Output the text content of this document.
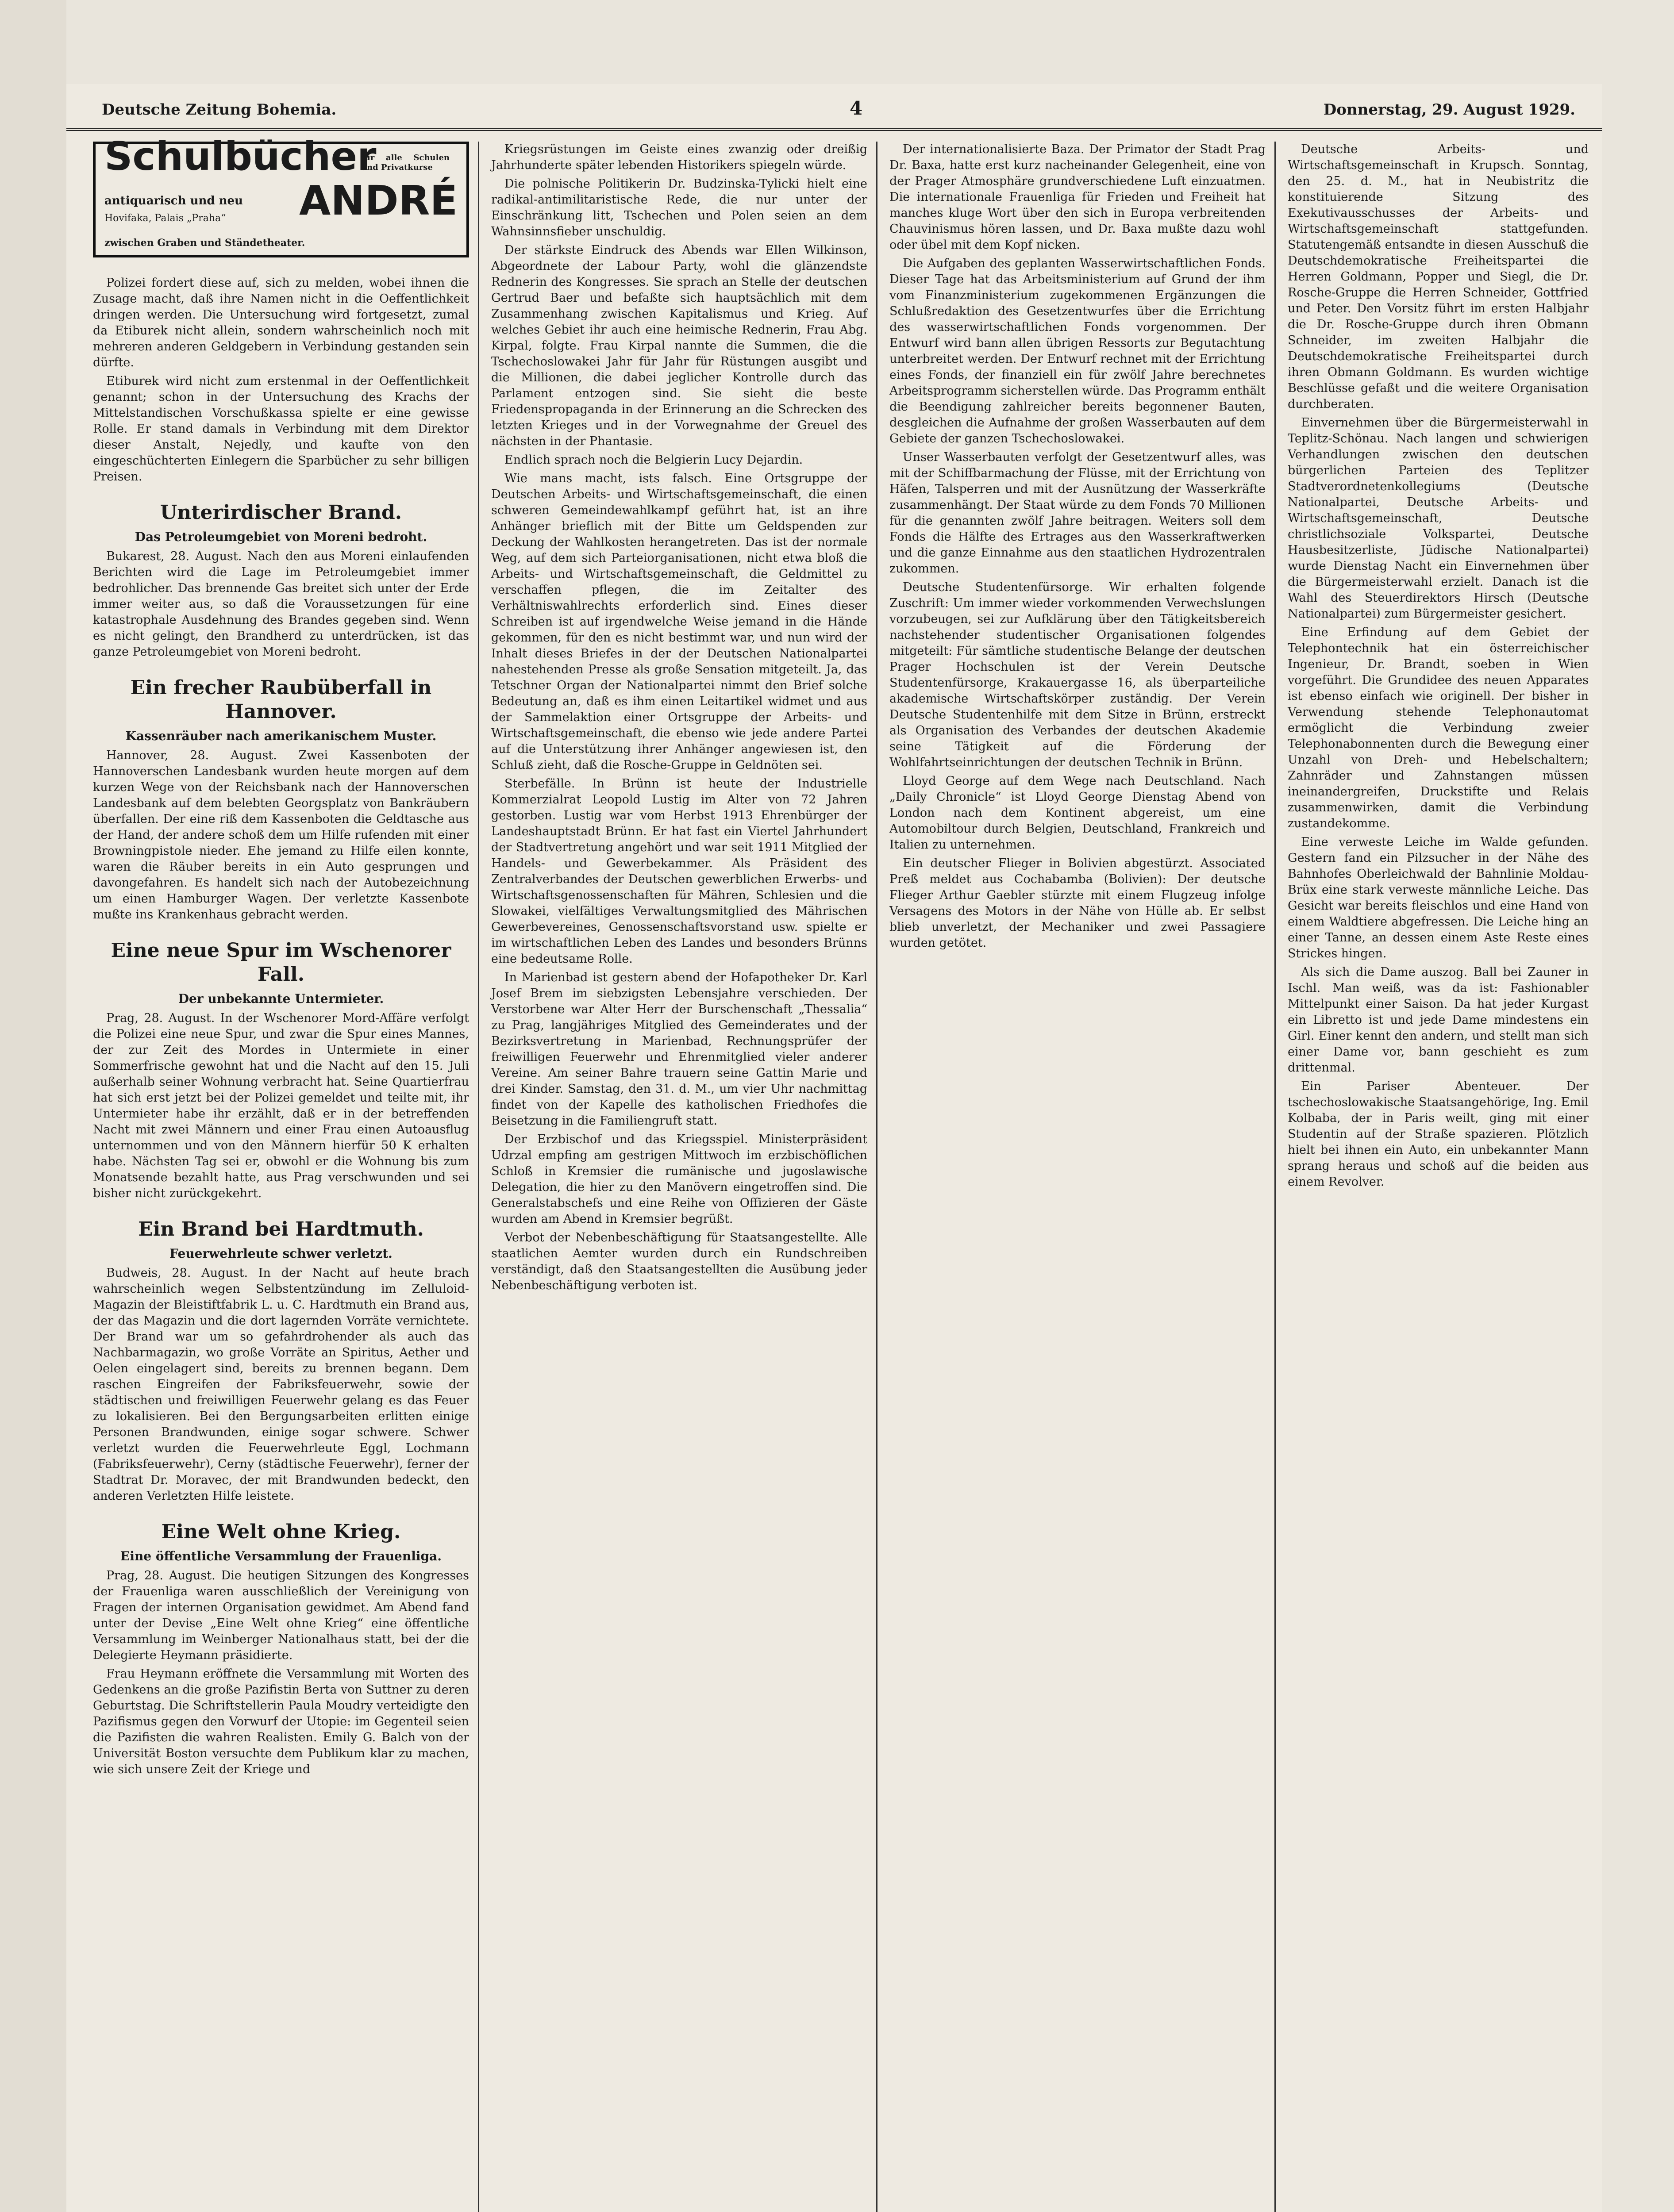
Deutsche Zeitung Bohemia.	4	Donnerstag, 29. August 1929.
Schulbücher
für alle Schulen und Privatkurse
antiquarisch und neu
Hovifaka, Palais „Praha“ ANDRÉ
zwischen Graben und Ständetheater.

Polizei fordert diese auf, sich zu melden, wobei ihnen die Zusage macht, daß ihre Namen nicht in die Oeffentlichkeit dringen werden. Die Untersuchung wird fortgesetzt, zumal da Etiburek nicht allein, sondern wahrscheinlich noch mit mehreren anderen Geldgebern in Verbindung gestanden sein dürfte.

Etiburek wird nicht zum erstenmal in der Oeffentlichkeit genannt; schon in der Untersuchung des Krachs der Mittelstandischen Vorschußkassa spielte er eine gewisse Rolle. Er stand damals in Verbindung mit dem Direktor dieser Anstalt, Nejedly, und kaufte von den eingeschüchterten Einlegern die Sparbücher zu sehr billigen Preisen.

Unterirdischer Brand.
Das Petroleumgebiet von Moreni bedroht.

Bukarest, 28. August. Nach den aus Moreni einlaufenden Berichten wird die Lage im Petroleumgebiet immer bedrohlicher. Das brennende Gas breitet sich unter der Erde immer weiter aus, so daß die Voraussetzungen für eine katastrophale Ausdehnung des Brandes gegeben sind. Wenn es nicht gelingt, den Brandherd zu unterdrücken, ist das ganze Petroleumgebiet von Moreni bedroht.

Ein frecher Raubüberfall in Hannover.
Kassenräuber nach amerikanischem Muster.

Hannover, 28. August. Zwei Kassenboten der Hannoverschen Landesbank wurden heute morgen auf dem kurzen Wege von der Reichsbank nach der Hannoverschen Landesbank auf dem belebten Georgsplatz von Bankräubern überfallen. Der eine riß dem Kassenboten die Geldtasche aus der Hand, der andere schoß dem um Hilfe rufenden mit einer Browningpistole nieder. Ehe jemand zu Hilfe eilen konnte, waren die Räuber bereits in ein Auto gesprungen und davongefahren. Es handelt sich nach der Autobezeichnung um einen Hamburger Wagen. Der verletzte Kassenbote mußte ins Krankenhaus gebracht werden.

Eine neue Spur im Wschenorer Fall.
Der unbekannte Untermieter.

Prag, 28. August. In der Wschenorer Mord-Affäre verfolgt die Polizei eine neue Spur, und zwar die Spur eines Mannes, der zur Zeit des Mordes in Untermiete in einer Sommerfrische gewohnt hat und die Nacht auf den 15. Juli außerhalb seiner Wohnung verbracht hat. Seine Quartierfrau hat sich erst jetzt bei der Polizei gemeldet und teilte mit, ihr Untermieter habe ihr erzählt, daß er in der betreffenden Nacht mit zwei Männern und einer Frau einen Autoausflug unternommen und von den Männern hierfür 50 K erhalten habe. Nächsten Tag sei er, obwohl er die Wohnung bis zum Monatsende bezahlt hatte, aus Prag verschwunden und sei bisher nicht zurückgekehrt.

Ein Brand bei Hardtmuth.
Feuerwehrleute schwer verletzt.

Budweis, 28. August. In der Nacht auf heute brach wahrscheinlich wegen Selbstentzündung im Zelluloid-Magazin der Bleistiftfabrik L. u. C. Hardtmuth ein Brand aus, der das Magazin und die dort lagernden Vorräte vernichtete. Der Brand war um so gefahrdrohender als auch das Nachbarmagazin, wo große Vorräte an Spiritus, Aether und Oelen eingelagert sind, bereits zu brennen begann. Dem raschen Eingreifen der Fabriksfeuerwehr, sowie der städtischen und freiwilligen Feuerwehr gelang es das Feuer zu lokalisieren. Bei den Bergungsarbeiten erlitten einige Personen Brandwunden, einige sogar schwere. Schwer verletzt wurden die Feuerwehrleute Eggl, Lochmann (Fabriksfeuerwehr), Cerny (städtische Feuerwehr), ferner der Stadtrat Dr. Moravec, der mit Brandwunden bedeckt, den anderen Verletzten Hilfe leistete.

Eine Welt ohne Krieg.
Eine öffentliche Versammlung der Frauenliga.

Prag, 28. August. Die heutigen Sitzungen des Kongresses der Frauenliga waren ausschließlich der Vereinigung von Fragen der internen Organisation gewidmet. Am Abend fand unter der Devise „Eine Welt ohne Krieg“ eine öffentliche Versammlung im Weinberger Nationalhaus statt, bei der die Delegierte Heymann präsidierte.

Frau Heymann eröffnete die Versammlung mit Worten des Gedenkens an die große Pazifistin Berta von Suttner zu deren Geburtstag. Die Schriftstellerin Paula Moudry verteidigte den Pazifismus gegen den Vorwurf der Utopie: im Gegenteil seien die Pazifisten die wahren Realisten. Emily G. Balch von der Universität Boston versuchte dem Publikum klar zu machen, wie sich unsere Zeit der Kriege und

Kriegsrüstungen im Geiste eines zwanzig oder dreißig Jahrhunderte später lebenden Historikers spiegeln würde.

Die polnische Politikerin Dr. Budzinska-Tylicki hielt eine radikal-antimilitaristische Rede, die nur unter der Einschränkung litt, Tschechen und Polen seien an dem Wahnsinnsfieber unschuldig.

Der stärkste Eindruck des Abends war Ellen Wilkinson, Abgeordnete der Labour Party, wohl die glänzendste Rednerin des Kongresses. Sie sprach an Stelle der deutschen Gertrud Baer und befaßte sich hauptsächlich mit dem Zusammenhang zwischen Kapitalismus und Krieg. Auf welches Gebiet ihr auch eine heimische Rednerin, Frau Abg. Kirpal, folgte. Frau Kirpal nannte die Summen, die die Tschechoslowakei Jahr für Jahr für Rüstungen ausgibt und die Millionen, die dabei jeglicher Kontrolle durch das Parlament entzogen sind. Sie sieht die beste Friedenspropaganda in der Erinnerung an die Schrecken des letzten Krieges und in der Vorwegnahme der Greuel des nächsten in der Phantasie.

Endlich sprach noch die Belgierin Lucy Dejardin.

Wie mans macht, ists falsch. Eine Ortsgruppe der Deutschen Arbeits- und Wirtschaftsgemeinschaft, die einen schweren Gemeindewahlkampf geführt hat, ist an ihre Anhänger brieflich mit der Bitte um Geldspenden zur Deckung der Wahlkosten herangetreten. Das ist der normale Weg, auf dem sich Parteiorganisationen, nicht etwa bloß die Arbeits- und Wirtschaftsgemeinschaft, die Geldmittel zu verschaffen pflegen, die im Zeitalter des Verhältniswahlrechts erforderlich sind. Eines dieser Schreiben ist auf irgendwelche Weise jemand in die Hände gekommen, für den es nicht bestimmt war, und nun wird der Inhalt dieses Briefes in der der Deutschen Nationalpartei nahestehenden Presse als große Sensation mitgeteilt. Ja, das Tetschner Organ der Nationalpartei nimmt den Brief solche Bedeutung an, daß es ihm einen Leitartikel widmet und aus der Sammelaktion einer Ortsgruppe der Arbeits- und Wirtschaftsgemeinschaft, die ebenso wie jede andere Partei auf die Unterstützung ihrer Anhänger angewiesen ist, den Schluß zieht, daß die Rosche-Gruppe in Geldnöten sei.

Sterbefälle. In Brünn ist heute der Industrielle Kommerzialrat Leopold Lustig im Alter von 72 Jahren gestorben. Lustig war vom Herbst 1913 Ehrenbürger der Landeshauptstadt Brünn. Er hat fast ein Viertel Jahrhundert der Stadtvertretung angehört und war seit 1911 Mitglied der Handels- und Gewerbekammer. Als Präsident des Zentralverbandes der Deutschen gewerblichen Erwerbs- und Wirtschaftsgenossenschaften für Mähren, Schlesien und die Slowakei, vielfältiges Verwaltungsmitglied des Mährischen Gewerbevereines, Genossenschaftsvorstand usw. spielte er im wirtschaftlichen Leben des Landes und besonders Brünns eine bedeutsame Rolle.

In Marienbad ist gestern abend der Hofapotheker Dr. Karl Josef Brem im siebzigsten Lebensjahre verschieden. Der Verstorbene war Alter Herr der Burschenschaft „Thessalia“ zu Prag, langjähriges Mitglied des Gemeinderates und der Bezirksvertretung in Marienbad, Rechnungsprüfer der freiwilligen Feuerwehr und Ehrenmitglied vieler anderer Vereine. Am seiner Bahre trauern seine Gattin Marie und drei Kinder. Samstag, den 31. d. M., um vier Uhr nachmittag findet von der Kapelle des katholischen Friedhofes die Beisetzung in die Familiengruft statt.

Der Erzbischof und das Kriegsspiel. Ministerpräsident Udrzal empfing am gestrigen Mittwoch im erzbischöflichen Schloß in Kremsier die rumänische und jugoslawische Delegation, die hier zu den Manövern eingetroffen sind. Die Generalstabschefs und eine Reihe von Offizieren der Gäste wurden am Abend in Kremsier begrüßt.

Verbot der Nebenbeschäftigung für Staatsangestellte. Alle staatlichen Aemter wurden durch ein Rundschreiben verständigt, daß den Staatsangestellten die Ausübung jeder Nebenbeschäftigung verboten ist.

Der internationalisierte Baza. Der Primator der Stadt Prag Dr. Baxa, hatte erst kurz nacheinander Gelegenheit, eine von der Prager Atmosphäre grundverschiedene Luft einzuatmen. Die internationale Frauenliga für Frieden und Freiheit hat manches kluge Wort über den sich in Europa verbreitenden Chauvinismus hören lassen, und Dr. Baxa mußte dazu wohl oder übel mit dem Kopf nicken.

Die Aufgaben des geplanten Wasserwirtschaftlichen Fonds. Dieser Tage hat das Arbeitsministerium auf Grund der ihm vom Finanzministerium zugekommenen Ergänzungen die Schlußredaktion des Gesetzentwurfes über die Errichtung des wasserwirtschaftlichen Fonds vorgenommen. Der Entwurf wird bann allen übrigen Ressorts zur Begutachtung unterbreitet werden. Der Entwurf rechnet mit der Errichtung eines Fonds, der finanziell ein für zwölf Jahre berechnetes Arbeitsprogramm sicherstellen würde. Das Programm enthält die Beendigung zahlreicher bereits begonnener Bauten, desgleichen die Aufnahme der großen Wasserbauten auf dem Gebiete der ganzen Tschechoslowakei.

Unser Wasserbauten verfolgt der Gesetzentwurf alles, was mit der Schiffbarmachung der Flüsse, mit der Errichtung von Häfen, Talsperren und mit der Ausnützung der Wasserkräfte zusammenhängt. Der Staat würde zu dem Fonds 70 Millionen für die genannten zwölf Jahre beitragen. Weiters soll dem Fonds die Hälfte des Ertrages aus den Wasserkraftwerken und die ganze Einnahme aus den staatlichen Hydrozentralen zukommen.

Deutsche Studentenfürsorge. Wir erhalten folgende Zuschrift: Um immer wieder vorkommenden Verwechslungen vorzubeugen, sei zur Aufklärung über den Tätigkeitsbereich nachstehender studentischer Organisationen folgendes mitgeteilt: Für sämtliche studentische Belange der deutschen Prager Hochschulen ist der Verein Deutsche Studentenfürsorge, Krakauergasse 16, als überparteiliche akademische Wirtschaftskörper zuständig. Der Verein Deutsche Studentenhilfe mit dem Sitze in Brünn, erstreckt als Organisation des Verbandes der deutschen Akademie seine Tätigkeit auf die Förderung der Wohlfahrtseinrichtungen der deutschen Technik in Brünn.

Lloyd George auf dem Wege nach Deutschland. Nach „Daily Chronicle“ ist Lloyd George Dienstag Abend von London nach dem Kontinent abgereist, um eine Automobiltour durch Belgien, Deutschland, Frankreich und Italien zu unternehmen.

Ein deutscher Flieger in Bolivien abgestürzt. Associated Preß meldet aus Cochabamba (Bolivien): Der deutsche Flieger Arthur Gaebler stürzte mit einem Flugzeug infolge Versagens des Motors in der Nähe von Hülle ab. Er selbst blieb unverletzt, der Mechaniker und zwei Passagiere wurden getötet.

Deutsche Arbeits- und Wirtschaftsgemeinschaft in Krupsch. Sonntag, den 25. d. M., hat in Neubistritz die konstituierende Sitzung des Exekutivausschusses der Arbeits- und Wirtschaftsgemeinschaft stattgefunden. Statutengemäß entsandte in diesen Ausschuß die Deutschdemokratische Freiheitspartei die Herren Goldmann, Popper und Siegl, die Dr. Rosche-Gruppe die Herren Schneider, Gottfried und Peter. Den Vorsitz führt im ersten Halbjahr die Dr. Rosche-Gruppe durch ihren Obmann Schneider, im zweiten Halbjahr die Deutschdemokratische Freiheitspartei durch ihren Obmann Goldmann. Es wurden wichtige Beschlüsse gefaßt und die weitere Organisation durchberaten.

Einvernehmen über die Bürgermeisterwahl in Teplitz-Schönau. Nach langen und schwierigen Verhandlungen zwischen den deutschen bürgerlichen Parteien des Teplitzer Stadtverordnetenkollegiums (Deutsche Nationalpartei, Deutsche Arbeits- und Wirtschaftsgemeinschaft, Deutsche christlichsoziale Volkspartei, Deutsche Hausbesitzerliste, Jüdische Nationalpartei) wurde Dienstag Nacht ein Einvernehmen über die Bürgermeisterwahl erzielt. Danach ist die Wahl des Steuerdirektors Hirsch (Deutsche Nationalpartei) zum Bürgermeister gesichert.

Eine Erfindung auf dem Gebiet der Telephontechnik hat ein österreichischer Ingenieur, Dr. Brandt, soeben in Wien vorgeführt. Die Grundidee des neuen Apparates ist ebenso einfach wie originell. Der bisher in Verwendung stehende Telephonautomat ermöglicht die Verbindung zweier Telephonabonnenten durch die Bewegung einer Unzahl von Dreh- und Hebelschaltern; Zahnräder und Zahnstangen müssen ineinandergreifen, Druckstifte und Relais zusammenwirken, damit die Verbindung zustandekomme.

Eine verweste Leiche im Walde gefunden. Gestern fand ein Pilzsucher in der Nähe des Bahnhofes Oberleichwald der Bahnlinie Moldau-Brüx eine stark verweste männliche Leiche. Das Gesicht war bereits fleischlos und eine Hand von einem Waldtiere abgefressen. Die Leiche hing an einer Tanne, an dessen einem Aste Reste eines Strickes hingen.

Als sich die Dame auszog. Ball bei Zauner in Ischl. Man weiß, was da ist: Fashionabler Mittelpunkt einer Saison. Da hat jeder Kurgast ein Libretto ist und jede Dame mindestens ein Girl. Einer kennt den andern, und stellt man sich einer Dame vor, bann geschieht es zum drittenmal.

Ein Pariser Abenteuer. Der tschechoslowakische Staatsangehörige, Ing. Emil Kolbaba, der in Paris weilt, ging mit einer Studentin auf der Straße spazieren. Plötzlich hielt bei ihnen ein Auto, ein unbekannter Mann sprang heraus und schoß auf die beiden aus einem Revolver.
